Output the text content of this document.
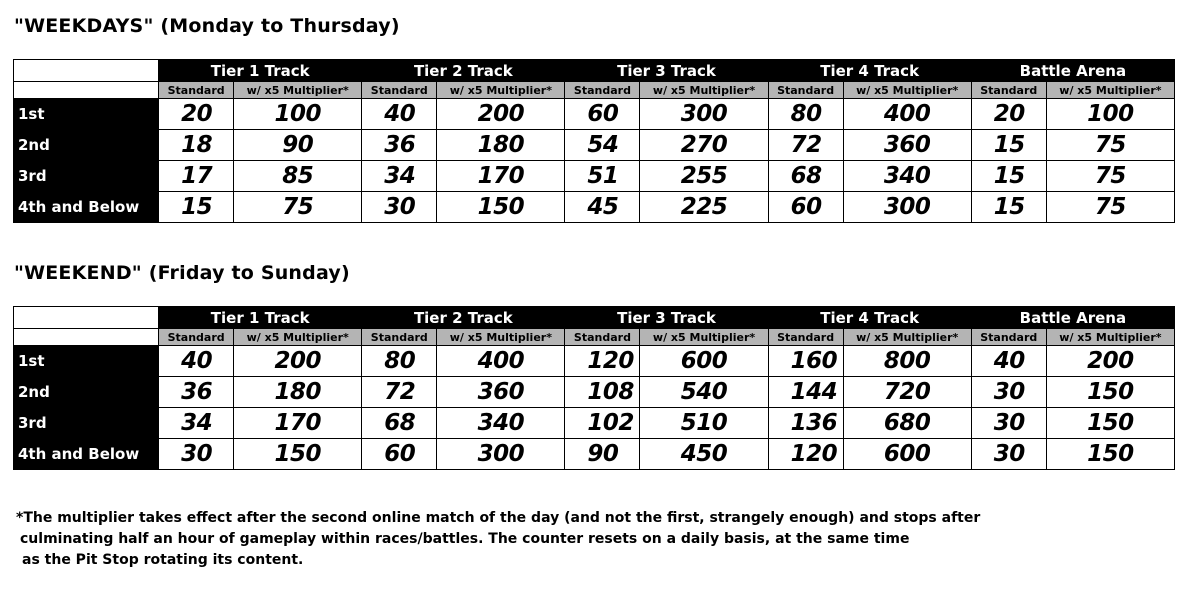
"WEEKDAYS" (Monday to Thursday)
	Tier 1 Track		Tier 2 Track		Tier 3 Track		Tier 4 Track		Battle Arena	
	Standard	w/ x5 Multiplier*	Standard	w/ x5 Multiplier*	Standard	w/ x5 Multiplier*	Standard	w/ x5 Multiplier*	Standard	w/ x5 Multiplier*
1st	20	100	40	200	60	300	80	400	20	100
2nd	18	90	36	180	54	270	72	360	15	75
3rd	17	85	34	170	51	255	68	340	15	75
4th and Below	15	75	30	150	45	225	60	300	15	75
"WEEKEND" (Friday to Sunday)
	Tier 1 Track		Tier 2 Track		Tier 3 Track		Tier 4 Track		Battle Arena	
	Standard	w/ x5 Multiplier*	Standard	w/ x5 Multiplier*	Standard	w/ x5 Multiplier*	Standard	w/ x5 Multiplier*	Standard	w/ x5 Multiplier*
1st	40	200	80	400	120	600	160	800	40	200
2nd	36	180	72	360	108	540	144	720	30	150
3rd	34	170	68	340	102	510	136	680	30	150
4th and Below	30	150	60	300	90	450	120	600	30	150
*The multiplier takes effect after the second online match of the day (and not the first, strangely enough) and stops after
culminating half an hour of gameplay within races/battles. The counter resets on a daily basis, at the same time
as the Pit Stop rotating its content.
